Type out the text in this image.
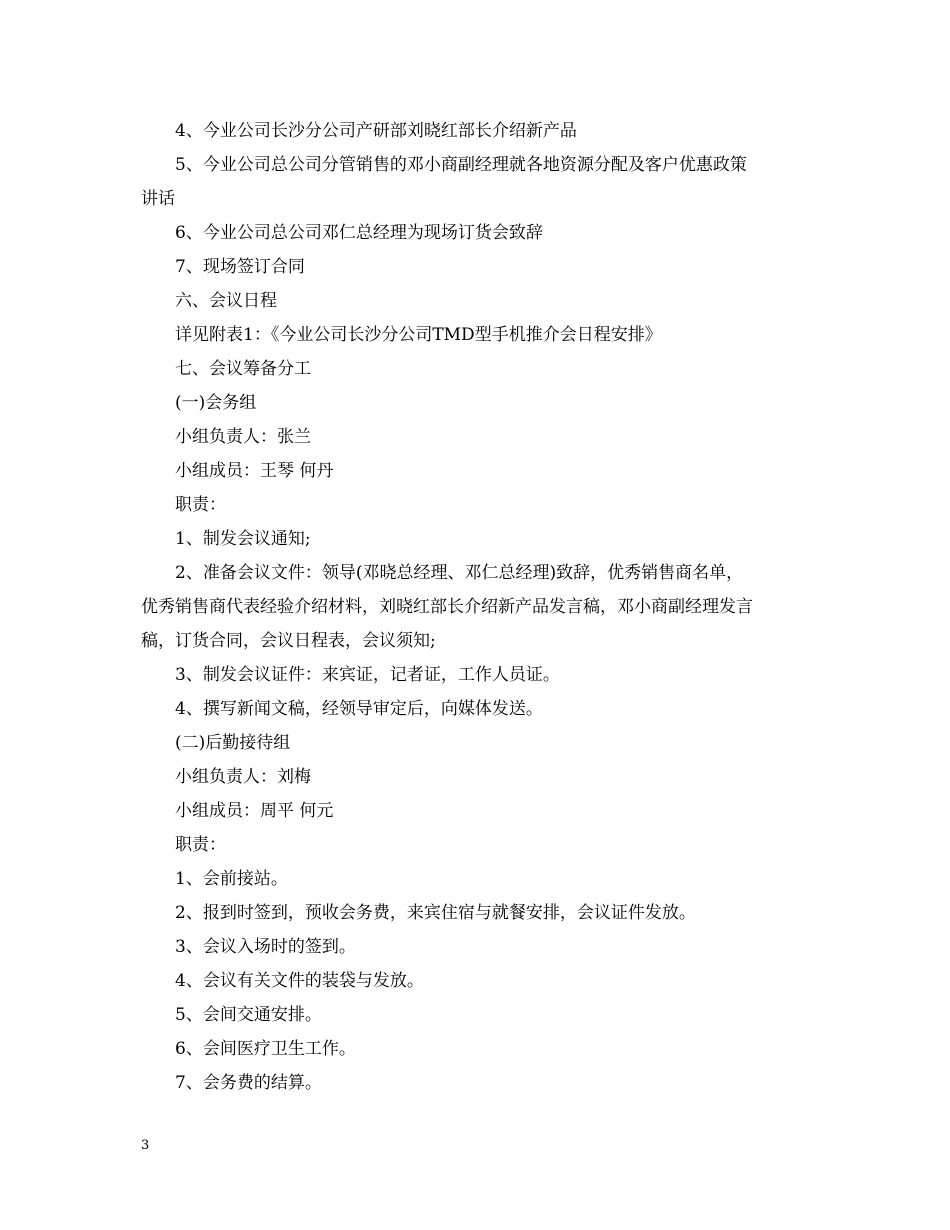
4、今业公司长沙分公司产研部刘晓红部长介绍新产品
5、今业公司总公司分管销售的邓小商副经理就各地资源分配及客户优惠政策
讲话
6、今业公司总公司邓仁总经理为现场订货会致辞
7、现场签订合同
六、会议日程
详见附表1：《今业公司长沙分公司TMD型手机推介会日程安排》
七、会议筹备分工
(一)会务组
小组负责人：张兰
小组成员：王琴 何丹
职责：
1、制发会议通知;
2、准备会议文件：领导(邓晓总经理、邓仁总经理)致辞，优秀销售商名单，
优秀销售商代表经验介绍材料，刘晓红部长介绍新产品发言稿，邓小商副经理发言
稿，订货合同，会议日程表，会议须知;
3、制发会议证件：来宾证，记者证，工作人员证。
4、撰写新闻文稿，经领导审定后，向媒体发送。
(二)后勤接待组
小组负责人：刘梅
小组成员：周平 何元
职责：
1、会前接站。
2、报到时签到，预收会务费，来宾住宿与就餐安排，会议证件发放。
3、会议入场时的签到。
4、会议有关文件的装袋与发放。
5、会间交通安排。
6、会间医疗卫生工作。
7、会务费的结算。
3
